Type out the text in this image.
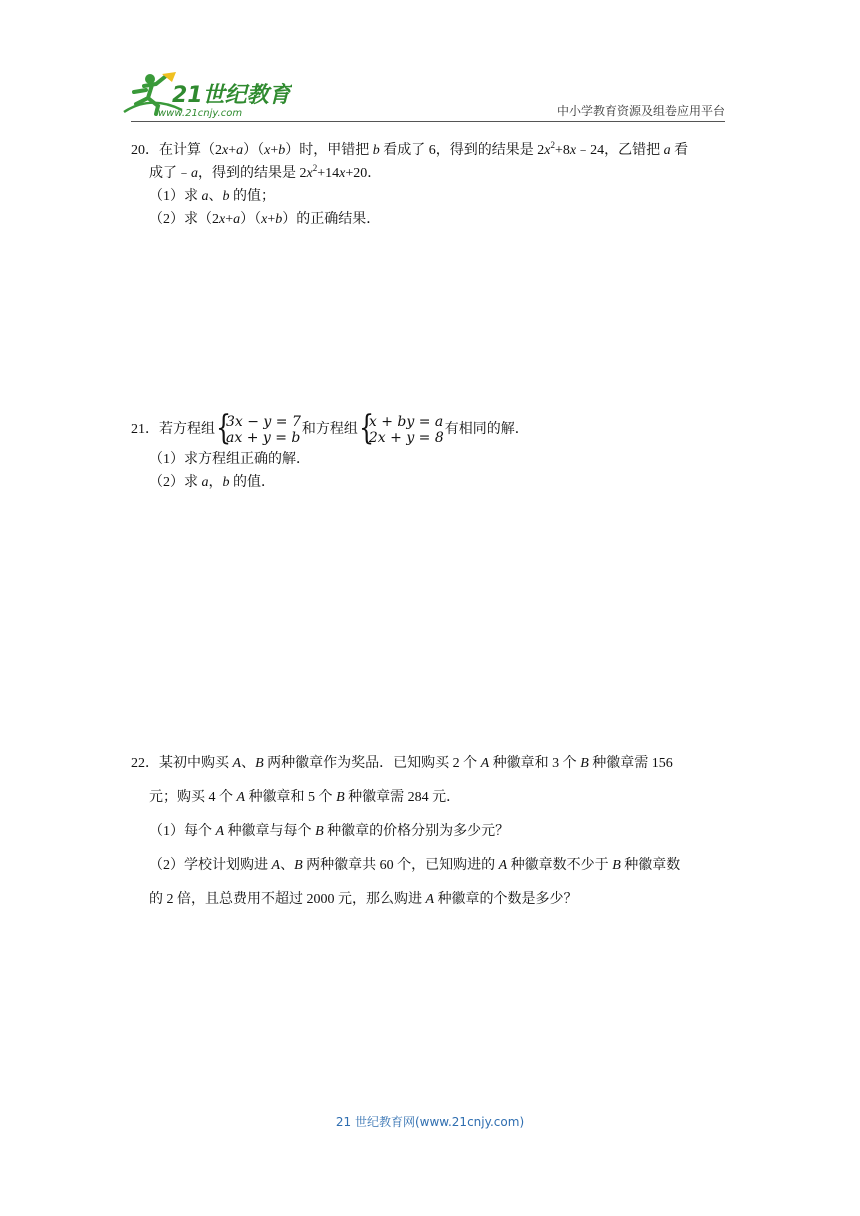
21世纪教育
www.21cnjy.com	中小学教育资源及组卷应用平台
20．在计算（2x+a）（x+b）时，甲错把 b 看成了 6，得到的结果是 $2x^2+8x﹣24$，乙错把 a 看
成了﹣a，得到的结果是 $2x^2+14x+20$．
（1）求 a、b 的值；
（2）求（2x+a）（x+b）的正确结果．
21．若方程组 {
3x − y = 7
ax + y = b
和方程组 {
x + by = a
2x + y = 8
有相同的解．
（1）求方程组正确的解．
（2）求 a，b 的值．
22．某初中购买 A、B 两种徽章作为奖品．已知购买 2 个 A 种徽章和 3 个 B 种徽章需 156
元；购买 4 个 A 种徽章和 5 个 B 种徽章需 284 元．
（1）每个 A 种徽章与每个 B 种徽章的价格分别为多少元？
（2）学校计划购进 A、B 两种徽章共 60 个，已知购进的 A 种徽章数不少于 B 种徽章数
的 2 倍，且总费用不超过 2000 元，那么购进 A 种徽章的个数是多少？
21 世纪教育网(www.21cnjy.com)
